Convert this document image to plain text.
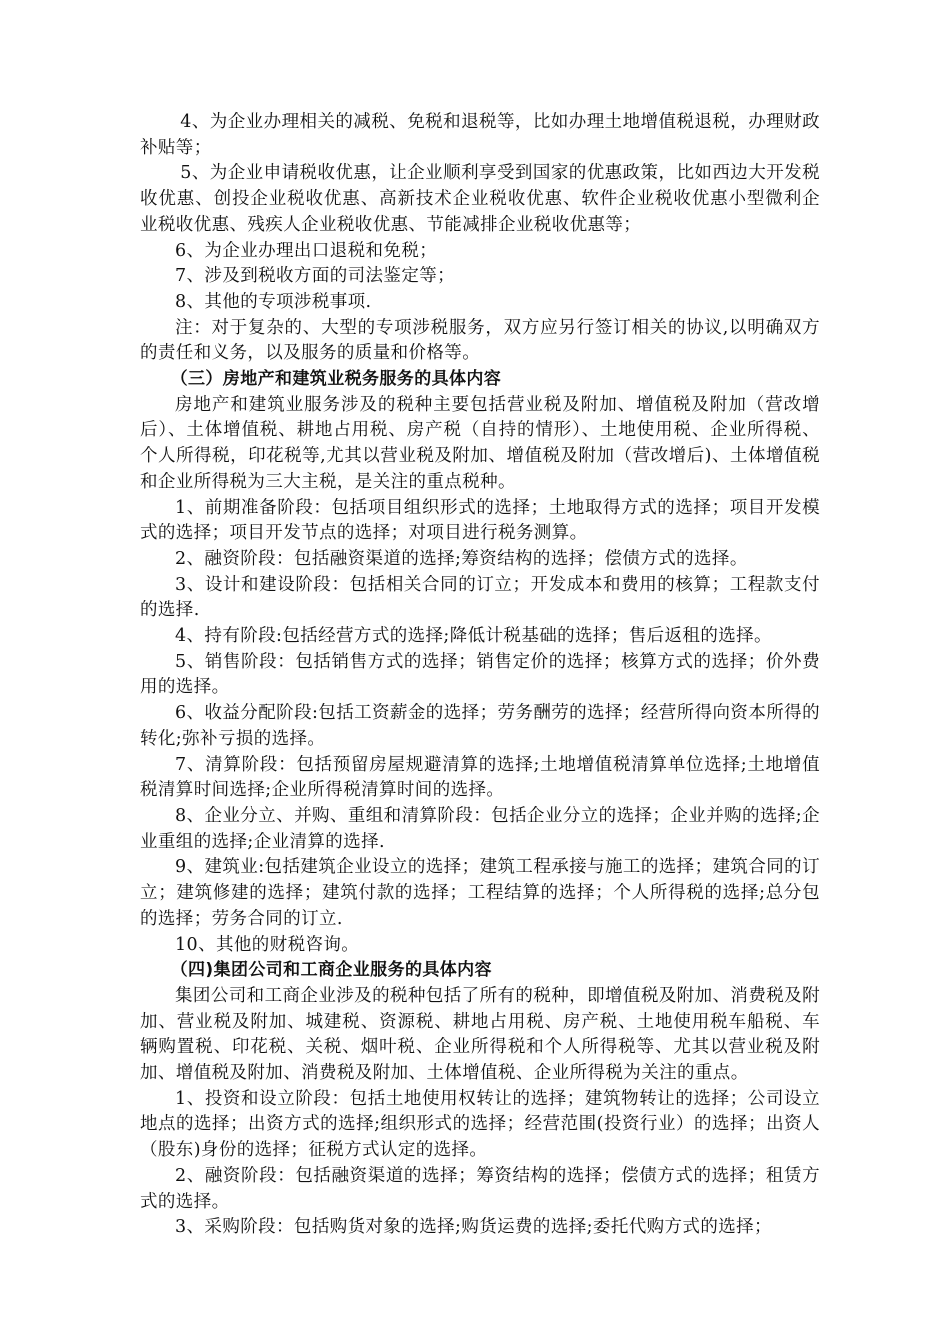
4、为企业办理相关的减税、免税和退税等，比如办理土地增值税退税，办理财政补贴等；

5、为企业申请税收优惠，让企业顺利享受到国家的优惠政策，比如西边大开发税收优惠、创投企业税收优惠、高新技术企业税收优惠、软件企业税收优惠小型微利企业税收优惠、残疾人企业税收优惠、节能减排企业税收优惠等；

6、为企业办理出口退税和免税；

7、涉及到税收方面的司法鉴定等；

8、其他的专项涉税事项.

注：对于复杂的、大型的专项涉税服务，双方应另行签订相关的协议,以明确双方的责任和义务，以及服务的质量和价格等。

（三）房地产和建筑业税务服务的具体内容

房地产和建筑业服务涉及的税种主要包括营业税及附加、增值税及附加（营改增后）、土体增值税、耕地占用税、房产税（自持的情形）、土地使用税、企业所得税、个人所得税，印花税等,尤其以营业税及附加、增值税及附加（营改增后)、土体增值税和企业所得税为三大主税，是关注的重点税种。

1、前期准备阶段：包括项目组织形式的选择；土地取得方式的选择；项目开发模式的选择；项目开发节点的选择；对项目进行税务测算。

2、融资阶段：包括融资渠道的选择;筹资结构的选择；偿债方式的选择。

3、设计和建设阶段：包括相关合同的订立；开发成本和费用的核算；工程款支付的选择.

4、持有阶段:包括经营方式的选择;降低计税基础的选择；售后返租的选择。

5、销售阶段：包括销售方式的选择；销售定价的选择；核算方式的选择；价外费用的选择。

6、收益分配阶段:包括工资薪金的选择；劳务酬劳的选择；经营所得向资本所得的转化;弥补亏损的选择。

7、清算阶段：包括预留房屋规避清算的选择;土地增值税清算单位选择;土地增值税清算时间选择;企业所得税清算时间的选择。

8、企业分立、并购、重组和清算阶段：包括企业分立的选择；企业并购的选择;企业重组的选择;企业清算的选择.

9、建筑业:包括建筑企业设立的选择；建筑工程承接与施工的选择；建筑合同的订立；建筑修建的选择；建筑付款的选择；工程结算的选择；个人所得税的选择;总分包的选择；劳务合同的订立.

10、其他的财税咨询。

（四)集团公司和工商企业服务的具体内容

集团公司和工商企业涉及的税种包括了所有的税种，即增值税及附加、消费税及附加、营业税及附加、城建税、资源税、耕地占用税、房产税、土地使用税车船税、车辆购置税、印花税、关税、烟叶税、企业所得税和个人所得税等、尤其以营业税及附加、增值税及附加、消费税及附加、土体增值税、企业所得税为关注的重点。

1、投资和设立阶段：包括土地使用权转让的选择；建筑物转让的选择；公司设立地点的选择；出资方式的选择;组织形式的选择；经营范围(投资行业）的选择；出资人（股东)身份的选择；征税方式认定的选择。

2、融资阶段：包括融资渠道的选择；筹资结构的选择；偿债方式的选择；租赁方式的选择。

3、采购阶段：包括购货对象的选择;购货运费的选择;委托代购方式的选择；
